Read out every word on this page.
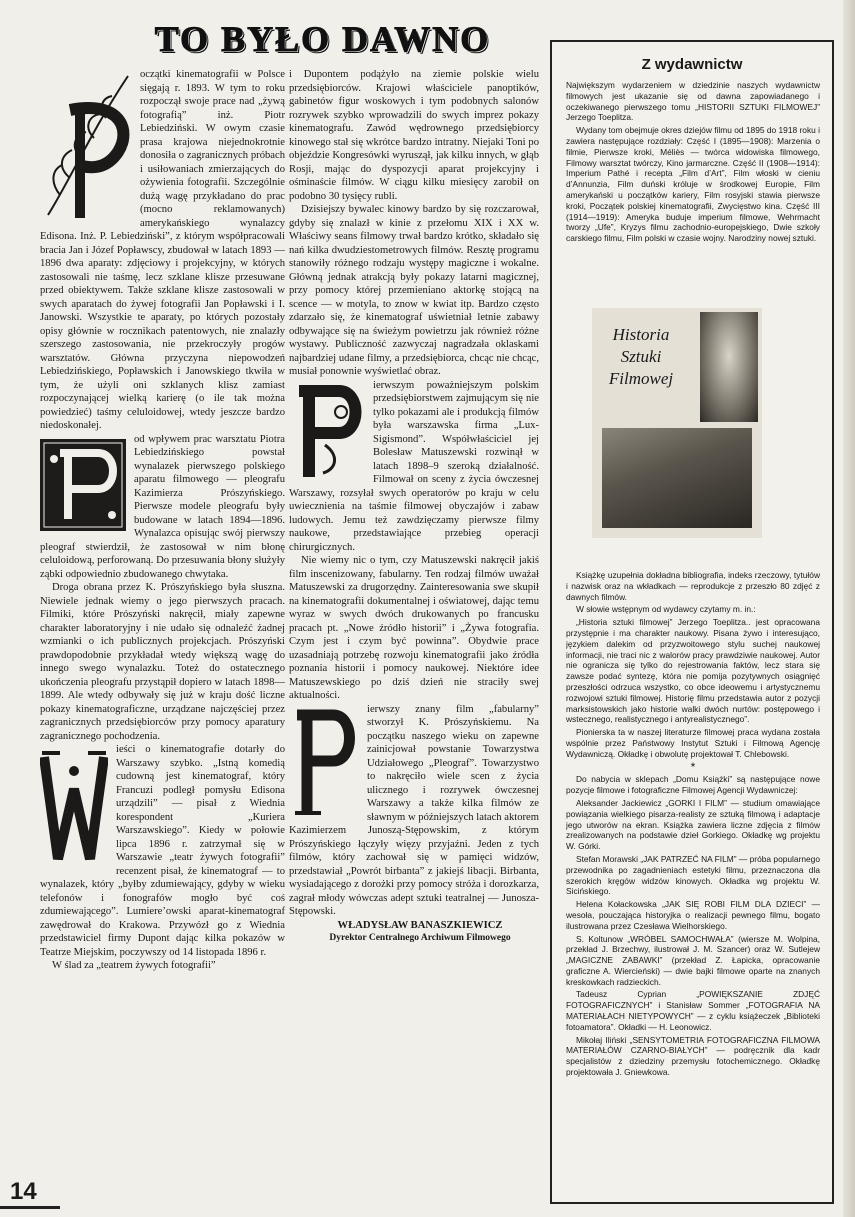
TO BYŁO DAWNO

oczątki kinematografii w Polsce sięgają r. 1893. W tym to roku rozpoczął swoje prace nad „żywą fotografią” inż. Piotr Lebiedziński. W owym czasie prasa krajowa niejednokrotnie donosiła o zagranicznych próbach i usiłowaniach zmierzających do ożywienia fotografii. Szczególnie dużą wagę przykładano do prac (mocno reklamowanych) amerykańskiego wynalazcy Edisona. Inż. P. Lebiedziński”, z którym współpracowali bracia Jan i Józef Popławscy, zbudował w latach 1893 — 1896 dwa aparaty: zdjęciowy i projekcyjny, w których zastosowali nie taśmę, lecz szklane klisze przesuwane przed obiektywem. Także szklane klisze zastosowali w swych aparatach do żywej fotografii Jan Popławski i I. Janowski. Wszystkie te aparaty, po których pozostały opisy głównie w rocznikach patentowych, nie znalazły szerszego zastosowania, nie przekroczyły progów warsztatów. Główna przyczyna niepowodzeń Lebiedzińskiego, Popławskich i Janowskiego tkwiła w tym, że użyli oni szklanych klisz zamiast rozpoczynającej wielką karierę (o ile tak można powiedzieć) taśmy celuloidowej, wtedy jeszcze bardzo niedoskonałej.

od wpływem prac warsztatu Piotra Lebiedzińskiego powstał wynalazek pierwszego polskiego aparatu filmowego — pleografu Kazimierza Prószyńskiego. Pierwsze modele pleografu były budowane w latach 1894—1896. Wynalazca opisując swój pierwszy pleograf stwierdził, że zastosował w nim błonę celuloidową, perforowaną. Do przesuwania błony służyły ząbki odpowiednio zbudowanego chwytaka.

Droga obrana przez K. Prószyńskiego była słuszna. Niewiele jednak wiemy o jego pierwszych pracach. Filmiki, które Prószyński nakręcił, miały zapewne charakter laboratoryjny i nie udało się odnaleźć żadnej wzmianki o ich publicznych projekcjach. Prószyński prawdopodobnie przykładał wtedy większą wagę do innego swego wynalazku. Toteż do ostatecznego ukończenia pleografu przystąpił dopiero w latach 1898—1899. Ale wtedy odbywały się już w kraju dość liczne pokazy kinematograficzne, urządzane najczęściej przez zagranicznych przedsiębiorców przy pomocy aparatury zagranicznego pochodzenia.

ieści o kinematografie dotarły do Warszawy szybko. „Istną komedią cudowną jest kinematograf, który Francuzi podległ pomysłu Edisona urządzili” — pisał z Wiednia korespondent „Kuriera Warszawskiego”. Kiedy w połowie lipca 1896 r. zatrzymał się w Warszawie „teatr żywych fotografii” recenzent pisał, że kinematograf — to wynalazek, który „byłby zdumiewający, gdyby w wieku telefonów i fonografów mogło być coś zdumiewającego”. Lumiere’owski aparat-kinematograf zawędrował do Krakowa. Przywózł go z Wiednia przedstawiciel firmy Dupont dając kilka pokazów w Teatrze Miejskim, poczywszy od 14 listopada 1896 r.

W ślad za „teatrem żywych fotografii”

i Dupontem podążyło na ziemie polskie wielu przedsiębiorców. Krajowi właściciele panoptików, gabinetów figur woskowych i tym podobnych salonów rozrywek szybko wprowadzili do swych imprez pokazy kinematografu. Zawód wędrownego przedsiębiorcy kinowego stał się wkrótce bardzo intratny. Niejaki Toni po objeździe Kongresówki wyruszął, jak kilku innych, w głąb Rosji, mając do dyspozycji aparat projekcyjny i ośminaście filmów. W ciągu kilku miesięcy zarobił on podobno 30 tysięcy rubli.

Dzisiejszy bywalec kinowy bardzo by się rozczarował, gdyby się znalazł w kinie z przełomu XIX i XX w. Właściwy seans filmowy trwał bardzo krótko, składało się nań kilka dwudziestometrowych filmów. Resztę programu stanowiły różnego rodzaju występy magiczne i wokalne. Główną jednak atrakcją były pokazy latarni magicznej, przy pomocy której przemieniano aktorkę stojącą na scence — w motyla, to znow w kwiat itp. Bardzo często zdarzało się, że kinematograf uświetniał letnie zabawy odbywające się na świeżym powietrzu jak również różne wystawy. Publiczność zazwyczaj nagradzała oklaskami najbardziej udane filmy, a przedsiębiorca, chcąc nie chcąc, musiał ponownie wyświetlać obraz.

ierwszym poważniejszym polskim przedsiębiorstwem zajmującym się nie tylko pokazami ale i produkcją filmów była warszawska firma „Lux-Sigismond”. Współwłaściciel jej Bolesław Matuszewski rozwinął w latach 1898–9 szeroką działalność. Filmował on sceny z życia ówczesnej Warszawy, rozsyłał swych operatorów po kraju w celu uwiecznienia na taśmie filmowej obyczajów i zabaw ludowych. Jemu też zawdzięczamy pierwsze filmy naukowe, przedstawiające przebieg operacji chirurgicznych.

Nie wiemy nic o tym, czy Matuszewski nakręcił jakiś film inscenizowany, fabularny. Ten rodzaj filmów uważał Matuszewski za drugorzędny. Zainteresowania swe skupił na kinematografii dokumentalnej i oświatowej, dając temu wyraz w swych dwóch drukowanych po francusku pracach pt. „Nowe źródło historii” i „Żywa fotografia. Czym jest i czym być powinna”. Obydwie prace uzasadniają potrzebę rozwoju kinematografii jako źródła poznania historii i pomocy naukowej. Niektóre idee Matuszewskiego po dziś dzień nie straciły swej aktualności.

ierwszy znany film „fabularny” stworzył K. Prószyńskiemu. Na początku naszego wieku on zapewne zainicjował powstanie Towarzystwa Udziałowego „Pleograf”. Towarzystwo to nakręciło wiele scen z życia ulicznego i rozrywek ówczesnej Warszawy a także kilka filmów ze sławnym w późniejszych latach aktorem Kazimierzem Junoszą-Stępowskim, z którym Prószyńskiego łączyły więzy przyjaźni. Jeden z tych filmów, który zachował się w pamięci widzów, przedstawiał „Powrót birbanta” z jakiejś libacji. Birbanta, wysiadającego z dorożki przy pomocy stróża i dorozkarza, zagrał młody wówczas adept sztuki teatralnej — Junosza-Stępowski.

WŁADYSŁAW BANASZKIEWICZ

Dyrektor Centralnego Archiwum Filmowego

Z wydawnictw

Największym wydarzeniem w dziedzinie naszych wydawnictw filmowych jest ukazanie się od dawna zapowiadanego i oczekiwanego pierwszego tomu „HISTORII SZTUKI FILMOWEJ” Jerzego Toeplitza.

Wydany tom obejmuje okres dziejów filmu od 1895 do 1918 roku i zawiera następujące rozdziały: Część I (1895—1908): Marzenia o filmie, Pierwsze kroki, Méliès — twórca widowiska filmowego, Filmowy warsztat twórczy, Kino jarmarczne. Część II (1908—1914): Imperium Pathé i recepta „Film d’Art”, Film włoski w cieniu d’Annunzia, Film duński króluje w środkowej Europie, Film amerykański u początków kariery, Film rosyjski stawia pierwsze kroki, Początek polskiej kinematografii, Zwycięstwo kina. Część III (1914—1919): Ameryka buduje imperium filmowe, Wehrmacht tworzy „Ufe”, Kryzys filmu zachodnio-europejskiego, Dwie szkoły carskiego filmu, Film polski w czasie wojny. Narodziny nowej sztuki.

Historia Sztuki Filmowej

Książkę uzupełnia dokładna bibliografia, indeks rzeczowy, tytułów i nazwisk oraz na wkładkach — reprodukcje z przeszło 80 zdjęć z dawnych filmów.

W słowie wstępnym od wydawcy czytamy m. in.:

„Historia sztuki filmowej” Jerzego Toeplitza.. jest opracowana przystępnie i ma charakter naukowy. Pisana żywo i interesująco, językiem dalekim od przyzwoitowego stylu suchej naukowej informacji, nie traci nic z walorów pracy prawdziwie naukowej. Autor nie ogranicza się tylko do rejestrowania faktów, lecz stara się zawsze podać syntezę, która nie pomija pozytywnych osiągnięć przeszłości odrzuca wszystko, co obce ideowemu i artystycznemu rozwojowi sztuki filmowej. Historię filmu przedstawia autor z pozycji marksistowskich jako historie walki dwóch nurtów: postępowego i wstecznego, realistycznego i antyrealistycznego”.

Pionierska ta w naszej literaturze filmowej praca wydana została wspólnie przez Państwowy Instytut Sztuki i Filmową Agencję Wydawniczą. Okładkę i obwolutę projektował T. Chlebowski.

*

Do nabycia w sklepach „Domu Książki” są następujące nowe pozycje filmowe i fotograficzne Filmowej Agencji Wydawniczej:

Aleksander Jackiewicz „GORKI I FILM” — studium omawiające powiązania wielkiego pisarza-realisty ze sztuką filmową i adaptacje jego utworów na ekran. Książka zawiera liczne zdjęcia z filmów zrealizowanych na podstawie dzieł Gorkiego. Okładkę wg projektu W. Górki.

Stefan Morawski „JAK PATRZEĆ NA FILM” — próba popularnego przewodnika po zagadnieniach estetyki filmu, przeznaczona dla szerokich kręgów widzów kinowych. Okładka wg projektu W. Sicińskiego.

Helena Kołackowska „JAK SIĘ ROBI FILM DLA DZIECI” — wesoła, pouczająca historyjka o realizacji pewnego filmu, bogato ilustrowana przez Czesława Wielhorskiego.

S. Koltunow „WRÓBEL SAMOCHWAŁA” (wiersze M. Wolpina, przekład J. Brzechwy, ilustrował J. M. Szancer) oraz W. Sutlejew „MAGICZNE ZABAWKI” (przekład Z. Łapicka, opracowanie graficzne A. Wiercieński) — dwie bajki filmowe oparte na znanych kreskowkach radzieckich.

Tadeusz Cyprian „POWIĘKSZANIE ZDJĘĆ FOTOGRAFICZNYCH” i Stanisław Sommer „FOTOGRAFIA NA MATERIAŁACH NIETYPOWYCH” — z cyklu książeczek „Biblioteki fotoamatora”. Okładki — H. Leonowicz.

Mikołaj Iliński „SENSYTOMETRIA FOTOGRAFICZNA FILMOWA MATERIAŁÓW CZARNO-BIAŁYCH” — podręcznik dla kadr specjalistów z dziedziny przemysłu fotochemicznego. Okładkę projektowała J. Gniewkowa.

14
